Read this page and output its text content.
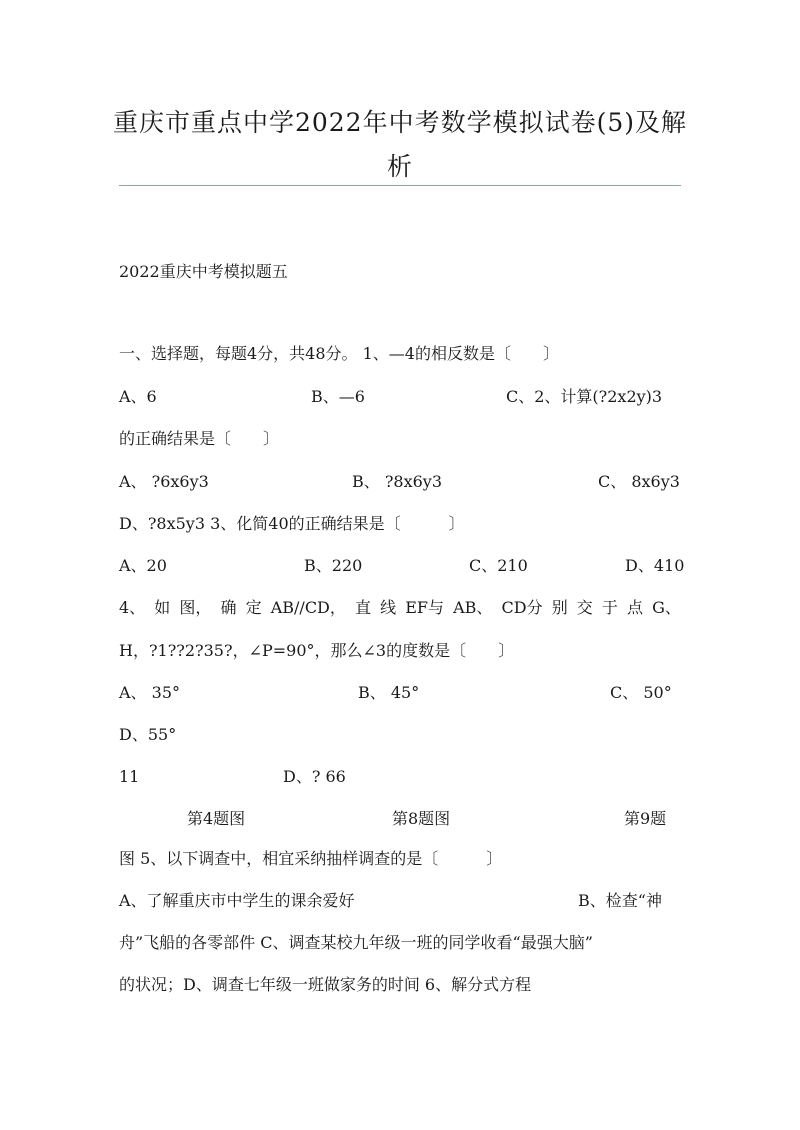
重庆市重点中学2022年中考数学模拟试卷(5)及解
析
2022重庆中考模拟题五
一、选择题，每题4分，共48分。 1、—4的相反数是〔　　〕
A、6	B、—6	C、2、计算(?2x2y)3
的正确结果是〔　　〕
A、 ?6x6y3	B、 ?8x6y3	C、 8x6y3
D、?8x5y3 3、化简40的正确结果是〔　　　〕
A、20	B、220	C、210	D、410
4、 如 图， 确 定 AB//CD， 直 线 EF与 AB、 CD分 别 交 于 点 G、
H，?1??2?35?，∠P=90°，那么∠3的度数是〔　　〕
A、 35°	B、 45°	C、 50°
D、55°
11	D、? 66
第4题图	第8题图	第9题
图 5、以下调查中，相宜采纳抽样调查的是〔　　　〕
A、了解重庆市中学生的课余爱好	B、检查“神
舟”飞船的各零部件 C、调查某校九年级一班的同学收看“最强大脑”
的状况；D、调查七年级一班做家务的时间 6、解分式方程
